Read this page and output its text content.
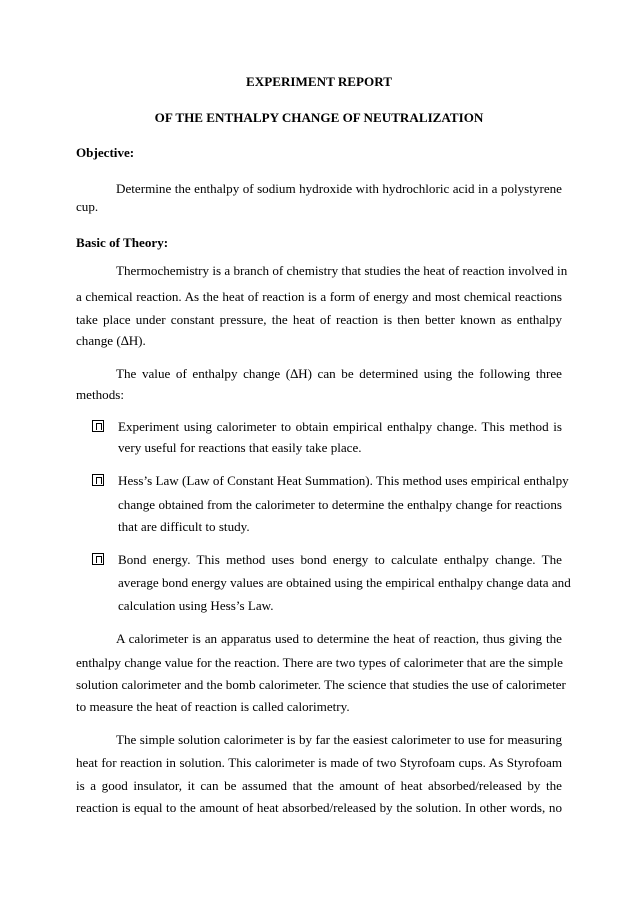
EXPERIMENT REPORT
OF THE ENTHALPY CHANGE OF NEUTRALIZATION
Objective:
Determine the enthalpy of sodium hydroxide with hydrochloric acid in a polystyrene
cup.
Basic of Theory:
Thermochemistry is a branch of chemistry that studies the heat of reaction involved in
a chemical reaction. As the heat of reaction is a form of energy and most chemical reactions
take place under constant pressure, the heat of reaction is then better known as enthalpy
change (∆H).
The value of enthalpy change (∆H) can be determined using the following three
methods:
Experiment using calorimeter to obtain empirical enthalpy change. This method is
very useful for reactions that easily take place.
Hess’s Law (Law of Constant Heat Summation). This method uses empirical enthalpy
change obtained from the calorimeter to determine the enthalpy change for reactions
that are difficult to study.
Bond energy. This method uses bond energy to calculate enthalpy change. The
average bond energy values are obtained using the empirical enthalpy change data and
calculation using Hess’s Law.
A calorimeter is an apparatus used to determine the heat of reaction, thus giving the
enthalpy change value for the reaction. There are two types of calorimeter that are the simple
solution calorimeter and the bomb calorimeter. The science that studies the use of calorimeter
to measure the heat of reaction is called calorimetry.
The simple solution calorimeter is by far the easiest calorimeter to use for measuring
heat for reaction in solution. This calorimeter is made of two Styrofoam cups. As Styrofoam
is a good insulator, it can be assumed that the amount of heat absorbed/released by the
reaction is equal to the amount of heat absorbed/released by the solution. In other words, no
